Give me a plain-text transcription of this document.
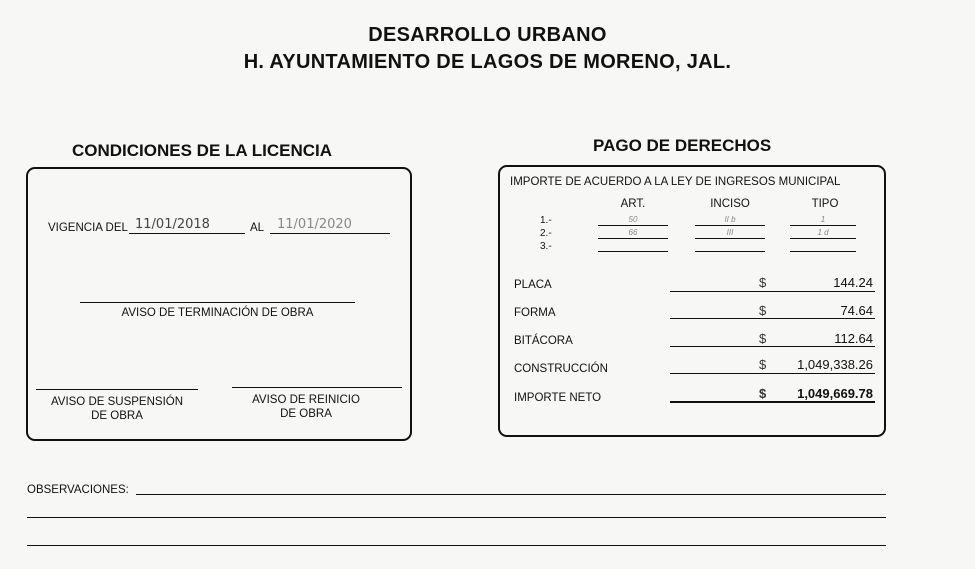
DESARROLLO URBANO
H. AYUNTAMIENTO DE LAGOS DE MORENO, JAL.
CONDICIONES DE LA LICENCIA
VIGENCIA DEL 11/01/2018	AL 11/01/2020
AVISO DE TERMINACIÓN DE OBRA
AVISO DE SUSPENSIÓN
DE OBRA
AVISO DE REINICIO
DE OBRA
PAGO DE DERECHOS
IMPORTE DE ACUERDO A LA LEY DE INGRESOS MUNICIPAL
ART.	INCISO	TIPO
1.-	50	II b	1
2.-	66	III	1 d
3.-
PLACA	$	144.24
FORMA	$	74.64
BITÁCORA	$	112.64
CONSTRUCCIÓN	$	1,049,338.26
IMPORTE NETO	$	1,049,669.78
OBSERVACIONES:
